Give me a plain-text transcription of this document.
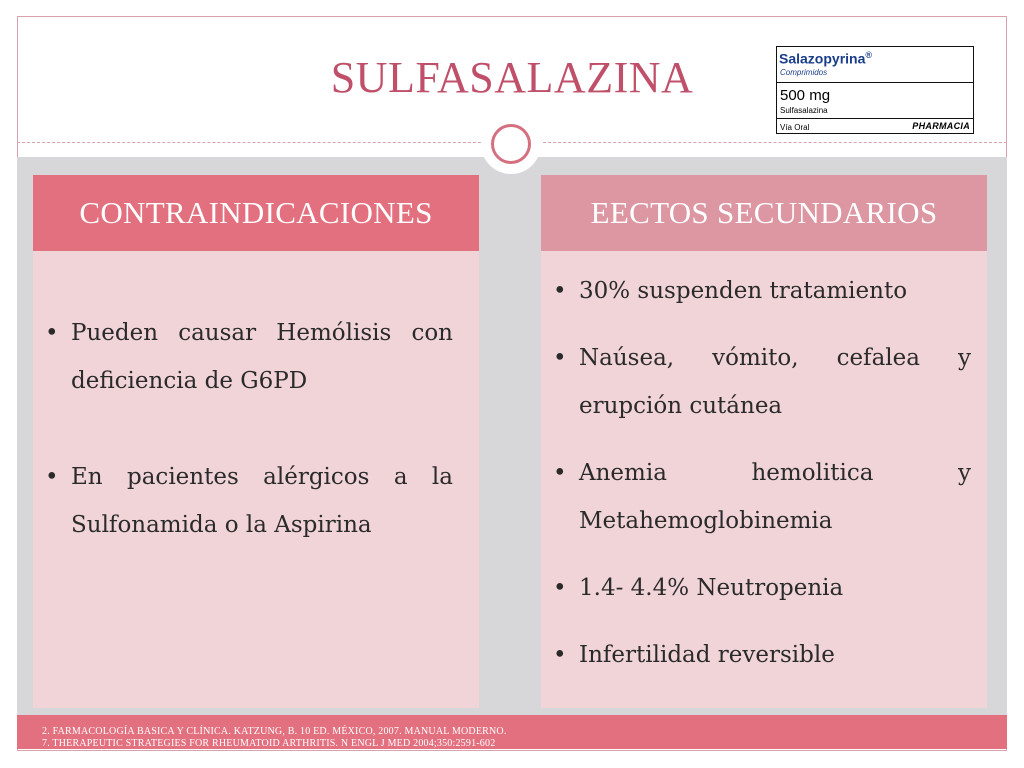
SULFASALAZINA	Salazopyrina®
Comprimidos
500 mg
Sulfasalazina
Vía Oral	PHARMACIA
CONTRAINDICACIONES
• Pueden causar Hemólisis con deficiencia de G6PD
• En pacientes alérgicos a la Sulfonamida o la Aspirina
EECTOS SECUNDARIOS
• 30% suspenden tratamiento
• Naúsea, vómito, cefalea y erupción cutánea
• Anemia hemolitica y Metahemoglobinemia
• 1.4- 4.4% Neutropenia
• Infertilidad reversible
2. FARMACOLOGÍA BASICA Y CLÍNICA. KATZUNG, B. 10 ED. MÉXICO, 2007. MANUAL MODERNO.
7. THERAPEUTIC STRATEGIES FOR RHEUMATOID ARTHRITIS. N ENGL J MED 2004;350:2591-602
